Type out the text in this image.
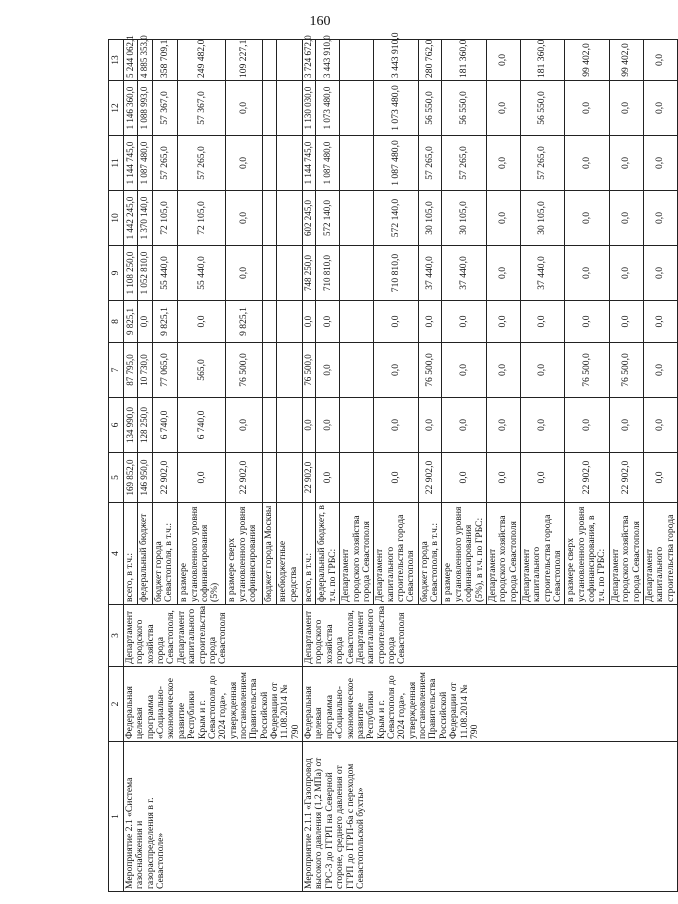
160
1	2	3	4	5	6	7	8	9	10	11	12	13
Мероприятие 2.1 «Система газоснабжения и газораспределения в г. Севастополе»	Федеральная целевая программа «Социально-экономическое развитие Республики Крым и г. Севастополя до 2024 года», утвержденная постановлением Правительства Российской Федерации от 11.08.2014 № 790	Департамент городского хозяйства города Севастополя, Департамент капитального строительства города Севастополя	всего, в т.ч.:	169 852,0	134 990,0	87 795,0	9 825,1	1 108 250,0	1 442 245,0	1 144 745,0	1 146 360,0	5 244 062,1
			федеральный бюджет	146 950,0	128 250,0	10 730,0	0,0	1 052 810,0	1 370 140,0	1 087 480,0	1 088 993,0	4 885 353,0
			бюджет города Севастополя, в т.ч.:	22 902,0	6 740,0	77 065,0	9 825,1	55 440,0	72 105,0	57 265,0	57 367,0	358 709,1
			в размере установленного уровня софинансирования (5%)	0,0	6 740,0	565,0	0,0	55 440,0	72 105,0	57 265,0	57 367,0	249 482,0
			в размере сверх установленного уровня софинансирования	22 902,0	0,0	76 500,0	9 825,1	0,0	0,0	0,0	0,0	109 227,1
			бюджет города Москвы									
			внебюджетные средства									
Мероприятие 2.1.1 «Газопровод высокого давления (1,2 МПа) от ГРС-3 до ГГРП на Северной стороне, среднего давления от ГГРП до ГГРП-6а с переходом Севастопольской бухты»	Федеральная целевая программа «Социально-экономическое развитие Республики Крым и г. Севастополя до 2024 года», утвержденная постановлением Правительства Российской Федерации от 11.08.2014 № 790	Департамент городского хозяйства города Севастополя, Департамент капитального строительства города Севастополя	всего, в т.ч.:	22 902,0	0,0	76 500,0	0,0	748 250,0	602 245,0	1 144 745,0	1 130 030,0	3 724 672,0
			федеральный бюджет, в т.ч. по ГРБС:	0,0	0,0	0,0	0,0	710 810,0	572 140,0	1 087 480,0	1 073 480,0	3 443 910,0
			Департамент городского хозяйства города Севастополя									
			Департамент капитального строительства города Севастополя	0,0	0,0	0,0	0,0	710 810,0	572 140,0	1 087 480,0	1 073 480,0	3 443 910,0
			бюджет города Севастополя, в т.ч.:	22 902,0	0,0	76 500,0	0,0	37 440,0	30 105,0	57 265,0	56 550,0	280 762,0
			в размере установленного уровня софинансирования (5%), в т.ч. по ГРБС:	0,0	0,0	0,0	0,0	37 440,0	30 105,0	57 265,0	56 550,0	181 360,0
			Департамент городского хозяйства города Севастополя	0,0	0,0	0,0	0,0	0,0	0,0	0,0	0,0	0,0
			Департамент капитального строительства города Севастополя	0,0	0,0	0,0	0,0	37 440,0	30 105,0	57 265,0	56 550,0	181 360,0
			в размере сверх установленного уровня софинансирования, в т.ч. по ГРБС:	22 902,0	0,0	76 500,0	0,0	0,0	0,0	0,0	0,0	99 402,0
			Департамент городского хозяйства города Севастополя	22 902,0	0,0	76 500,0	0,0	0,0	0,0	0,0	0,0	99 402,0
			Департамент капитального строительства города	0,0	0,0	0,0	0,0	0,0	0,0	0,0	0,0	0,0
